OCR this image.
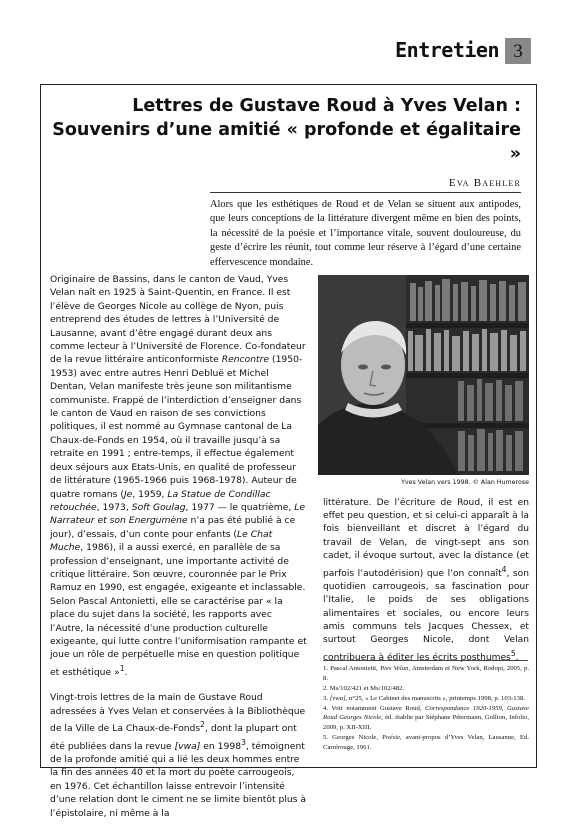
Entretien 3
Lettres de Gustave Roud à Yves Velan :
Souvenirs d’une amitié « profonde et égalitaire »
Eva Baehler
Alors que les esthétiques de Roud et de Velan se situent aux antipodes, que leurs conceptions de la littérature divergent même en bien des points, la nécessité de la poésie et l’importance vitale, souvent douloureuse, du geste d’écrire les réunit, tout comme leur réserve à l’égard d’une certaine effervescence mondaine.

Originaire de Bassins, dans le canton de Vaud, Yves Velan naît en 1925 à Saint-Quentin, en France. Il est l’élève de Georges Nicole au collège de Nyon, puis entreprend des études de lettres à l’Université de Lausanne, avant d’être engagé durant deux ans comme lecteur à l’Université de Florence. Co-fondateur de la revue littéraire anticonformiste Rencontre (1950-1953) avec entre autres Henri Debluë et Michel Dentan, Velan manifeste très jeune son militantisme communiste. Frappé de l’interdiction d’enseigner dans le canton de Vaud en raison de ses convictions politiques, il est nommé au Gymnase cantonal de La Chaux-de-Fonds en 1954, où il travaille jusqu’à sa retraite en 1991 ; entre-temps, il effectue également deux séjours aux Etats-Unis, en qualité de professeur de littérature (1965-1966 puis 1968-1978). Auteur de quatre romans (Je, 1959, La Statue de Condillac retouchée, 1973, Soft Goulag, 1977 — le quatrième, Le Narrateur et son Energumène n’a pas été publié à ce jour), d’essais, d’un conte pour enfants (Le Chat Muche, 1986), il a aussi exercé, en parallèle de sa profession d’enseignant, une importante activité de critique littéraire. Son œuvre, couronnée par le Prix Ramuz en 1990, est engagée, exigeante et inclassable. Selon Pascal Antonietti, elle se caractérise par « la place du sujet dans la société, les rapports avec l’Autre, la nécessité d’une production culturelle exigeante, qui lutte contre l’uniformisation rampante et joue un rôle de perpétuelle mise en question politique et esthétique »$^1$.

Vingt-trois lettres de la main de Gustave Roud adressées à Yves Velan et conservées à la Bibliothèque de la Ville de La Chaux-de-Fonds$^2$, dont la plupart ont été publiées dans la revue [vwa] en 1998$^3$, témoignent de la profonde amitié qui a lié les deux hommes entre la fin des années 40 et la mort du poète carrougeois, en 1976. Cet échantillon laisse entrevoir l’intensité d’une relation dont le ciment ne se limite bientôt plus à l’épistolaire, ni même à la

Yves Velan vers 1998. © Alan Humerose

littérature. De l’écriture de Roud, il est en effet peu question, et si celui-ci apparaît à la fois bienveillant et discret à l’égard du travail de Velan, de vingt-sept ans son cadet, il évoque surtout, avec la distance (et parfois l’autodérision) que l’on connaît$^4$, son quotidien carrougeois, sa fascination pour l’Italie, le poids de ses obligations alimentaires et sociales, ou encore leurs amis communs tels Jacques Chessex, et surtout Georges Nicole, dont Velan contribuera à éditer les écrits posthumes$^5$.

1. Pascal Antonietti, Yves Velan, Amsterdam et New York, Rodopi, 2005, p. 8.
2. Ms/102/421 et Ms/102/482.
3. [vwa], n°25, « Le Cabinet des manuscrits », printemps 1998, p. 103-138.
4. Voir notamment Gustave Roud, Correspondance 1920-1959, Gustave Roud Georges Nicole, éd. établie par Stéphane Pétermann, Gollion, Infolio, 2009, p. XII-XIII.
5. Georges Nicole, Poésie, avant-propos d’Yves Velan, Lausanne, Ed. Carrérouge, 1961.
